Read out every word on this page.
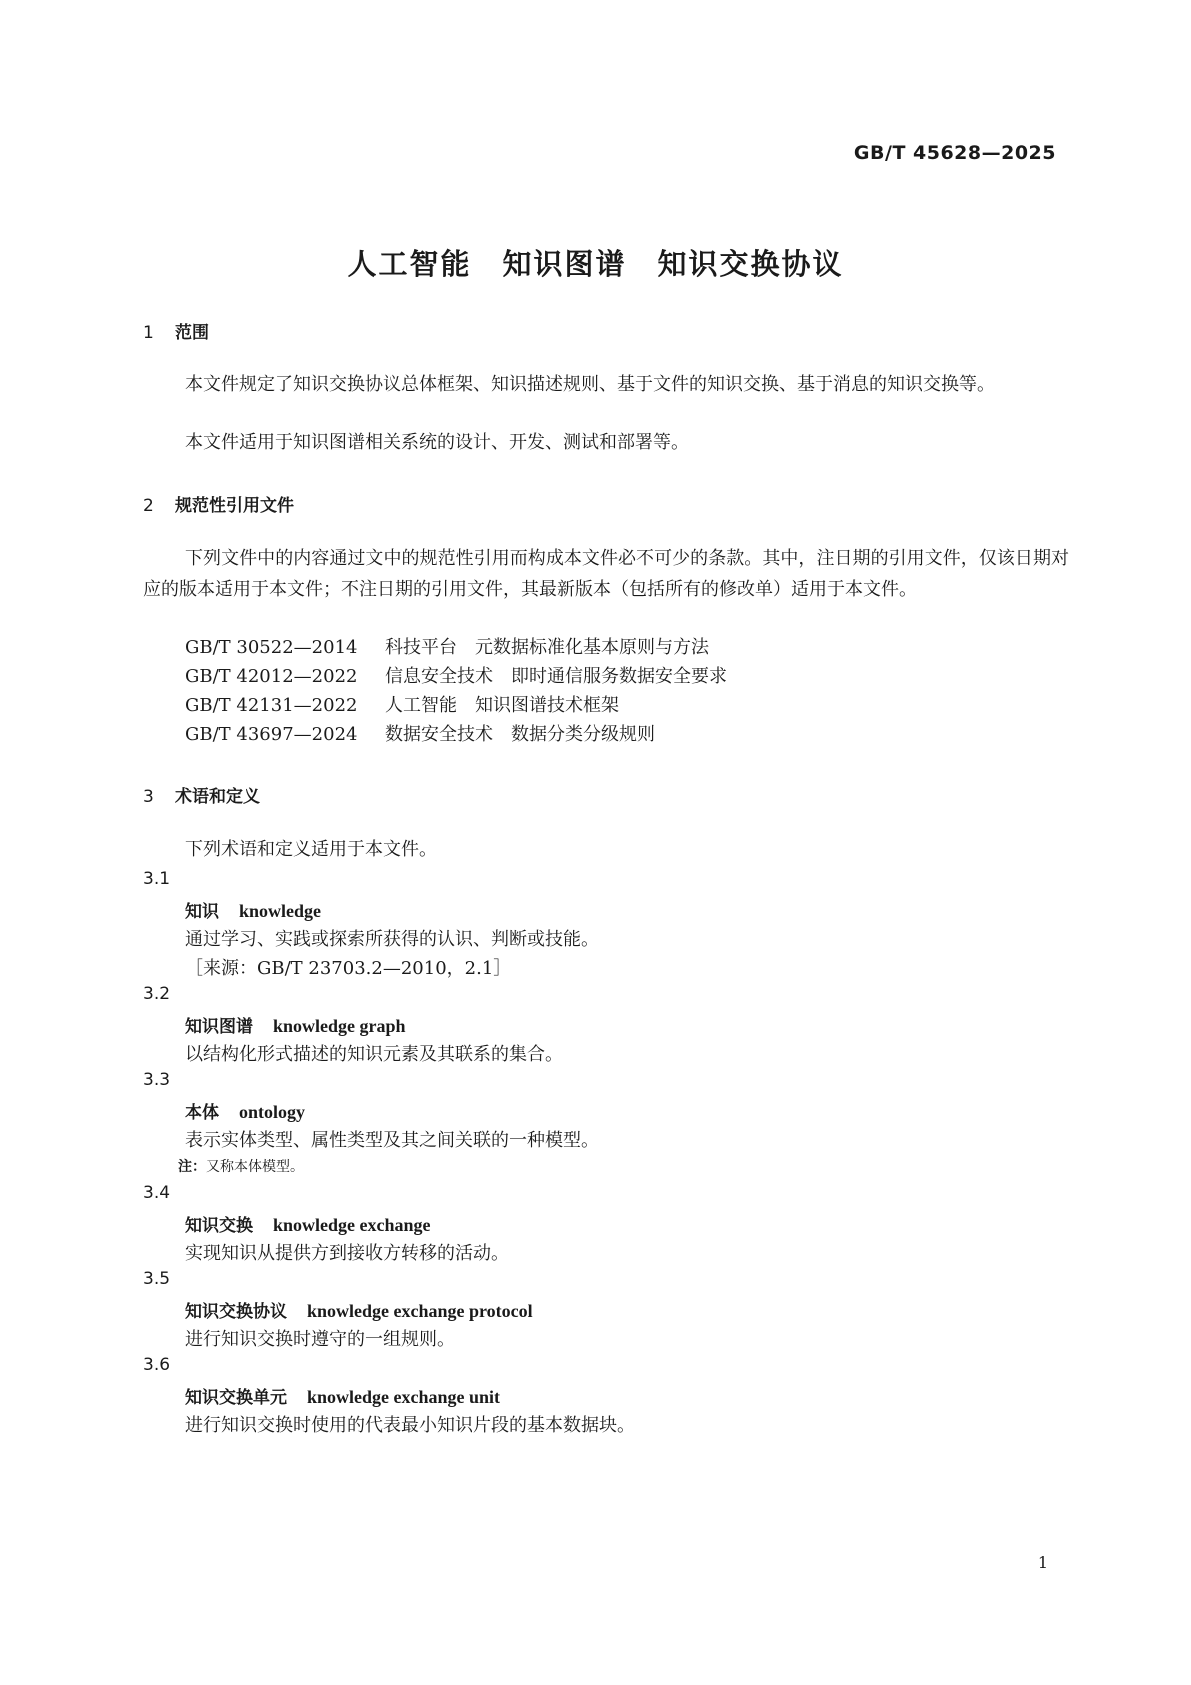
GB/T 45628—2025
人工智能　知识图谱　知识交换协议
1 范围
本文件规定了知识交换协议总体框架、知识描述规则、基于文件的知识交换、基于消息的知识交换等。
本文件适用于知识图谱相关系统的设计、开发、测试和部署等。
2 规范性引用文件
下列文件中的内容通过文中的规范性引用而构成本文件必不可少的条款。其中，注日期的引用文件，仅该日期对应的版本适用于本文件；不注日期的引用文件，其最新版本（包括所有的修改单）适用于本文件。
GB/T 30522—2014 科技平台　元数据标准化基本原则与方法
GB/T 42012—2022 信息安全技术　即时通信服务数据安全要求
GB/T 42131—2022 人工智能　知识图谱技术框架
GB/T 43697—2024 数据安全技术　数据分类分级规则
3 术语和定义
下列术语和定义适用于本文件。
3.1
知识 knowledge
通过学习、实践或探索所获得的认识、判断或技能。
［来源：GB/T 23703.2—2010，2.1］
3.2
知识图谱 knowledge graph
以结构化形式描述的知识元素及其联系的集合。
3.3
本体 ontology
表示实体类型、属性类型及其之间关联的一种模型。
注：又称本体模型。
3.4
知识交换 knowledge exchange
实现知识从提供方到接收方转移的活动。
3.5
知识交换协议 knowledge exchange protocol
进行知识交换时遵守的一组规则。
3.6
知识交换单元 knowledge exchange unit
进行知识交换时使用的代表最小知识片段的基本数据块。
1
